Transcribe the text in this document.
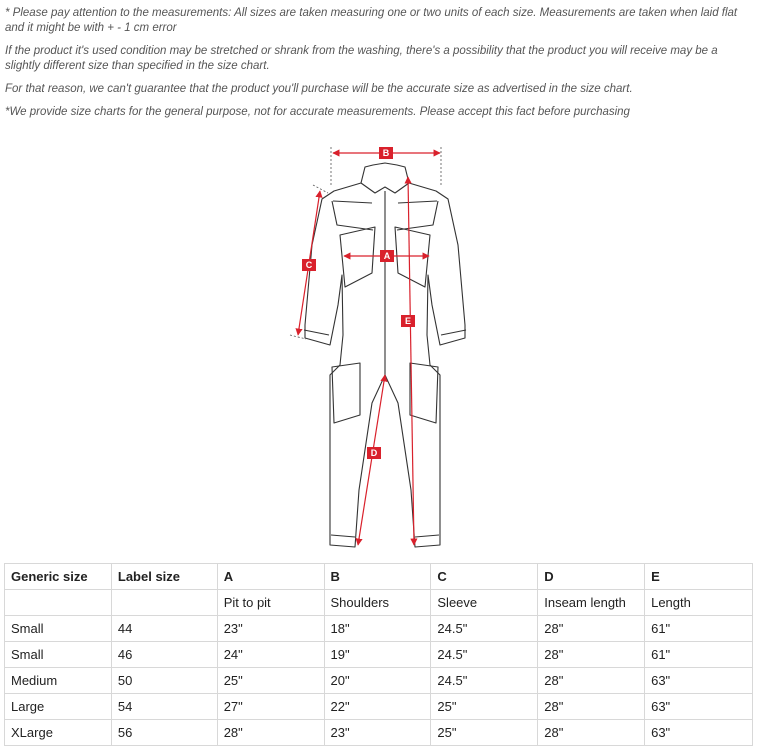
* Please pay attention to the measurements: All sizes are taken measuring one or two units of each size. Measurements are taken when laid flat and it might be with + - 1 cm error

If the product it's used condition may be stretched or shrank from the washing, there's a possibility that the product you will receive may be a slightly different size than specified in the size chart.

For that reason, we can't guarantee that the product you'll purchase will be the accurate size as advertised in the size chart.

*We provide size charts for the general purpose, not for accurate measurements. Please accept this fact before purchasing

B
A
C
E
D
Generic size	Label size	A	B	C	D	E
		Pit to pit	Shoulders	Sleeve	Inseam length	Length
Small	44	23"	18"	24.5"	28"	61"
Small	46	24"	19"	24.5"	28"	61"
Medium	50	25"	20"	24.5"	28"	63"
Large	54	27"	22"	25"	28"	63"
XLarge	56	28"	23"	25"	28"	63"
